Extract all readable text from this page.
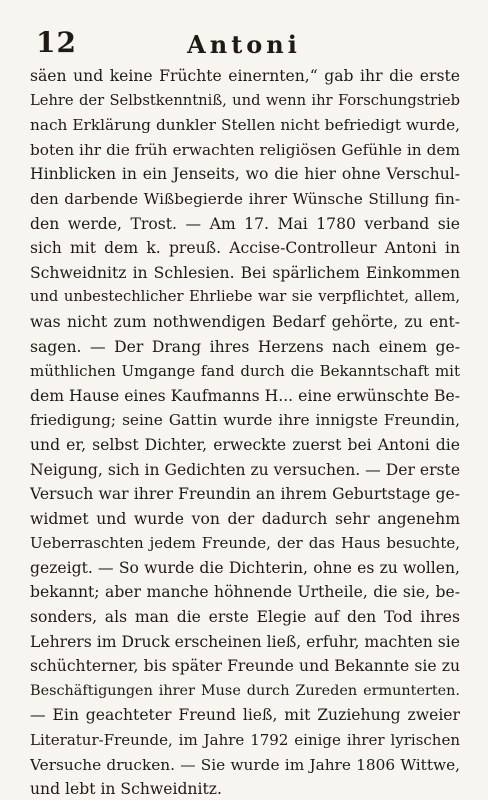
12	Antoni
säen und keine Früchte einernten,“ gab ihr die erste
Lehre der Selbstkenntniß, und wenn ihr Forschungstrieb
nach Erklärung dunkler Stellen nicht befriedigt wurde,
boten ihr die früh erwachten religiösen Gefühle in dem
Hinblicken in ein Jenseits, wo die hier ohne Verschul-
den darbende Wißbegierde ihrer Wünsche Stillung fin-
den werde, Trost. — Am 17. Mai 1780 verband sie
sich mit dem k. preuß. Accise-Controlleur Antoni in
Schweidnitz in Schlesien. Bei spärlichem Einkommen
und unbestechlicher Ehrliebe war sie verpflichtet, allem,
was nicht zum nothwendigen Bedarf gehörte, zu ent-
sagen. — Der Drang ihres Herzens nach einem ge-
müthlichen Umgange fand durch die Bekanntschaft mit
dem Hause eines Kaufmanns H... eine erwünschte Be-
friedigung; seine Gattin wurde ihre innigste Freundin,
und er, selbst Dichter, erweckte zuerst bei Antoni die
Neigung, sich in Gedichten zu versuchen. — Der erste
Versuch war ihrer Freundin an ihrem Geburtstage ge-
widmet und wurde von der dadurch sehr angenehm
Ueberraschten jedem Freunde, der das Haus besuchte,
gezeigt. — So wurde die Dichterin, ohne es zu wollen,
bekannt; aber manche höhnende Urtheile, die sie, be-
sonders, als man die erste Elegie auf den Tod ihres
Lehrers im Druck erscheinen ließ, erfuhr, machten sie
schüchterner, bis später Freunde und Bekannte sie zu
Beschäftigungen ihrer Muse durch Zureden ermunterten.
— Ein geachteter Freund ließ, mit Zuziehung zweier
Literatur-Freunde, im Jahre 1792 einige ihrer lyrischen
Versuche drucken. — Sie wurde im Jahre 1806 Wittwe,
und lebt in Schweidnitz.
